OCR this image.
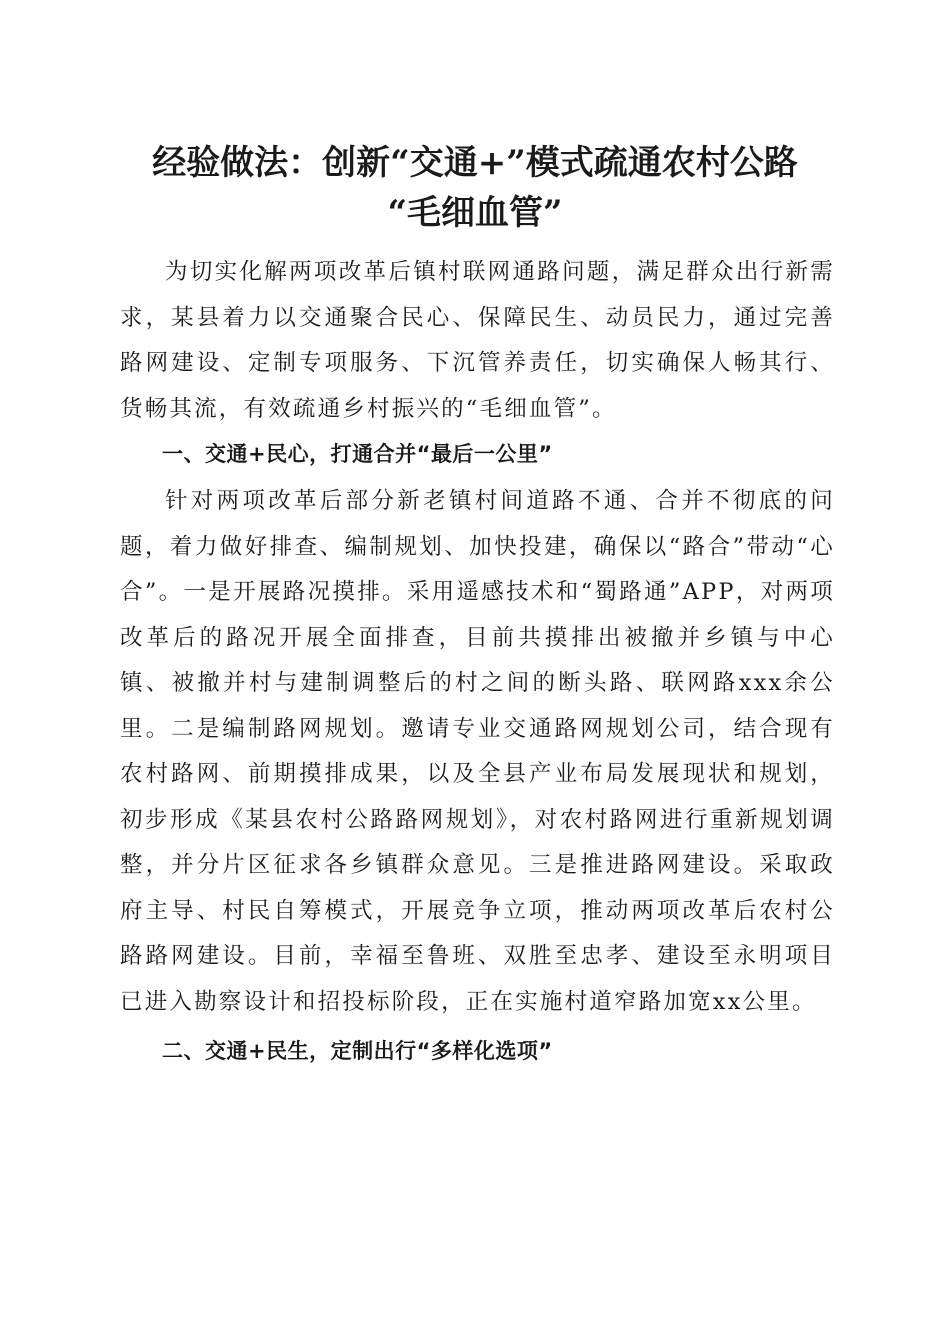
经验做法：创新“交通+”模式疏通农村公路
“毛细血管”

为切实化解两项改革后镇村联网通路问题，满足群众出行新需求，某县着力以交通聚合民心、保障民生、动员民力，通过完善路网建设、定制专项服务、下沉管养责任，切实确保人畅其行、货畅其流，有效疏通乡村振兴的“毛细血管”。

一、交通+民心，打通合并“最后一公里”

针对两项改革后部分新老镇村间道路不通、合并不彻底的问题，着力做好排查、编制规划、加快投建，确保以“路合”带动“心合”。一是开展路况摸排。采用遥感技术和“蜀路通”APP，对两项改革后的路况开展全面排查，目前共摸排出被撤并乡镇与中心镇、被撤并村与建制调整后的村之间的断头路、联网路xxx余公里。二是编制路网规划。邀请专业交通路网规划公司，结合现有农村路网、前期摸排成果，以及全县产业布局发展现状和规划，初步形成《某县农村公路路网规划》，对农村路网进行重新规划调整，并分片区征求各乡镇群众意见。三是推进路网建设。采取政府主导、村民自筹模式，开展竞争立项，推动两项改革后农村公路路网建设。目前，幸福至鲁班、双胜至忠孝、建设至永明项目已进入勘察设计和招投标阶段，正在实施村道窄路加宽xx公里。

二、交通+民生，定制出行“多样化选项”
